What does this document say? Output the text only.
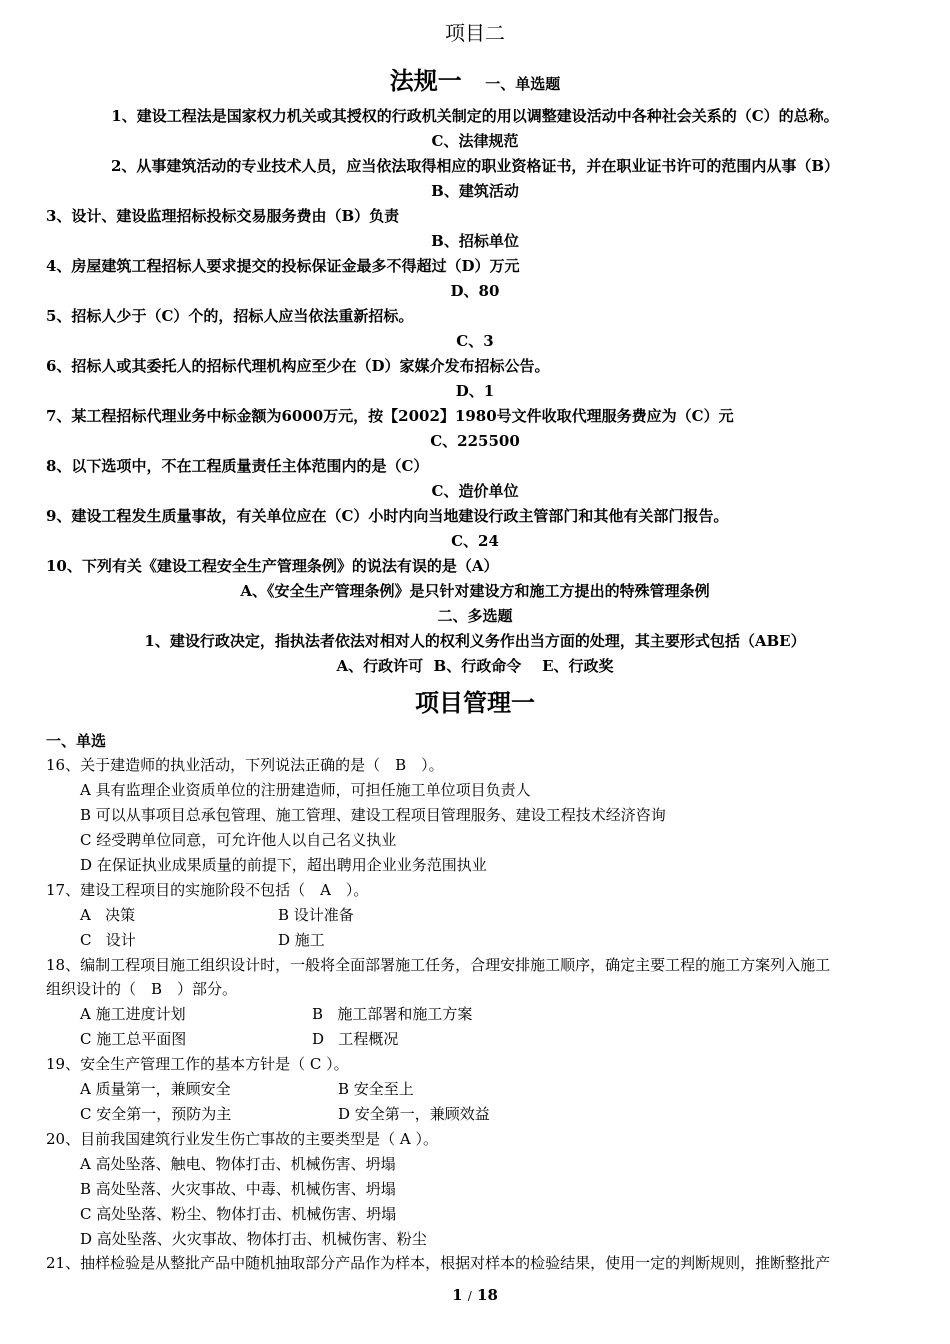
项目二
法规一 一、单选题
1、建设工程法是国家权力机关或其授权的行政机关制定的用以调整建设活动中各种社会关系的（C）的总称。
C、法律规范
2、从事建筑活动的专业技术人员，应当依法取得相应的职业资格证书，并在职业证书许可的范围内从事（B）
B、建筑活动
3、设计、建设监理招标投标交易服务费由（B）负责
B、招标单位
4、房屋建筑工程招标人要求提交的投标保证金最多不得超过（D）万元
D、80
5、招标人少于（C）个的，招标人应当依法重新招标。
C、3
6、招标人或其委托人的招标代理机构应至少在（D）家媒介发布招标公告。
D、1
7、某工程招标代理业务中标金额为6000万元，按【2002】1980号文件收取代理服务费应为（C）元
C、225500
8、以下选项中，不在工程质量责任主体范围内的是（C）
C、造价单位
9、建设工程发生质量事故，有关单位应在（C）小时内向当地建设行政主管部门和其他有关部门报告。
C、24
10、下列有关《建设工程安全生产管理条例》的说法有误的是（A）
A、《安全生产管理条例》是只针对建设方和施工方提出的特殊管理条例
二、多选题
1、建设行政决定，指执法者依法对相对人的权利义务作出当方面的处理，其主要形式包括（ABE）
A、行政许可  B、行政命令    E、行政奖
项目管理一
一、单选
16、关于建造师的执业活动，下列说法正确的是（　B　）。
A 具有监理企业资质单位的注册建造师，可担任施工单位项目负责人
B 可以从事项目总承包管理、施工管理、建设工程项目管理服务、建设工程技术经济咨询
C 经受聘单位同意，可允许他人以自己名义执业
D 在保证执业成果质量的前提下，超出聘用企业业务范围执业
17、建设工程项目的实施阶段不包括（　A　）。
A   决策	B 设计准备
C   设计	D 施工
18、编制工程项目施工组织设计时，一般将全面部署施工任务，合理安排施工顺序，确定主要工程的施工方案列入施工
组织设计的（　B　）部分。
A 施工进度计划	B   施工部署和施工方案
C 施工总平面图	D   工程概况
19、安全生产管理工作的基本方针是（ C ）。
A 质量第一，兼顾安全	B 安全至上
C 安全第一，预防为主	D 安全第一，兼顾效益
20、目前我国建筑行业发生伤亡事故的主要类型是（ A ）。
A 高处坠落、触电、物体打击、机械伤害、坍塌
B 高处坠落、火灾事故、中毒、机械伤害、坍塌
C 高处坠落、粉尘、物体打击、机械伤害、坍塌
D 高处坠落、火灾事故、物体打击、机械伤害、粉尘
21、抽样检验是从整批产品中随机抽取部分产品作为样本，根据对样本的检验结果，使用一定的判断规则，推断整批产
1 / 18
